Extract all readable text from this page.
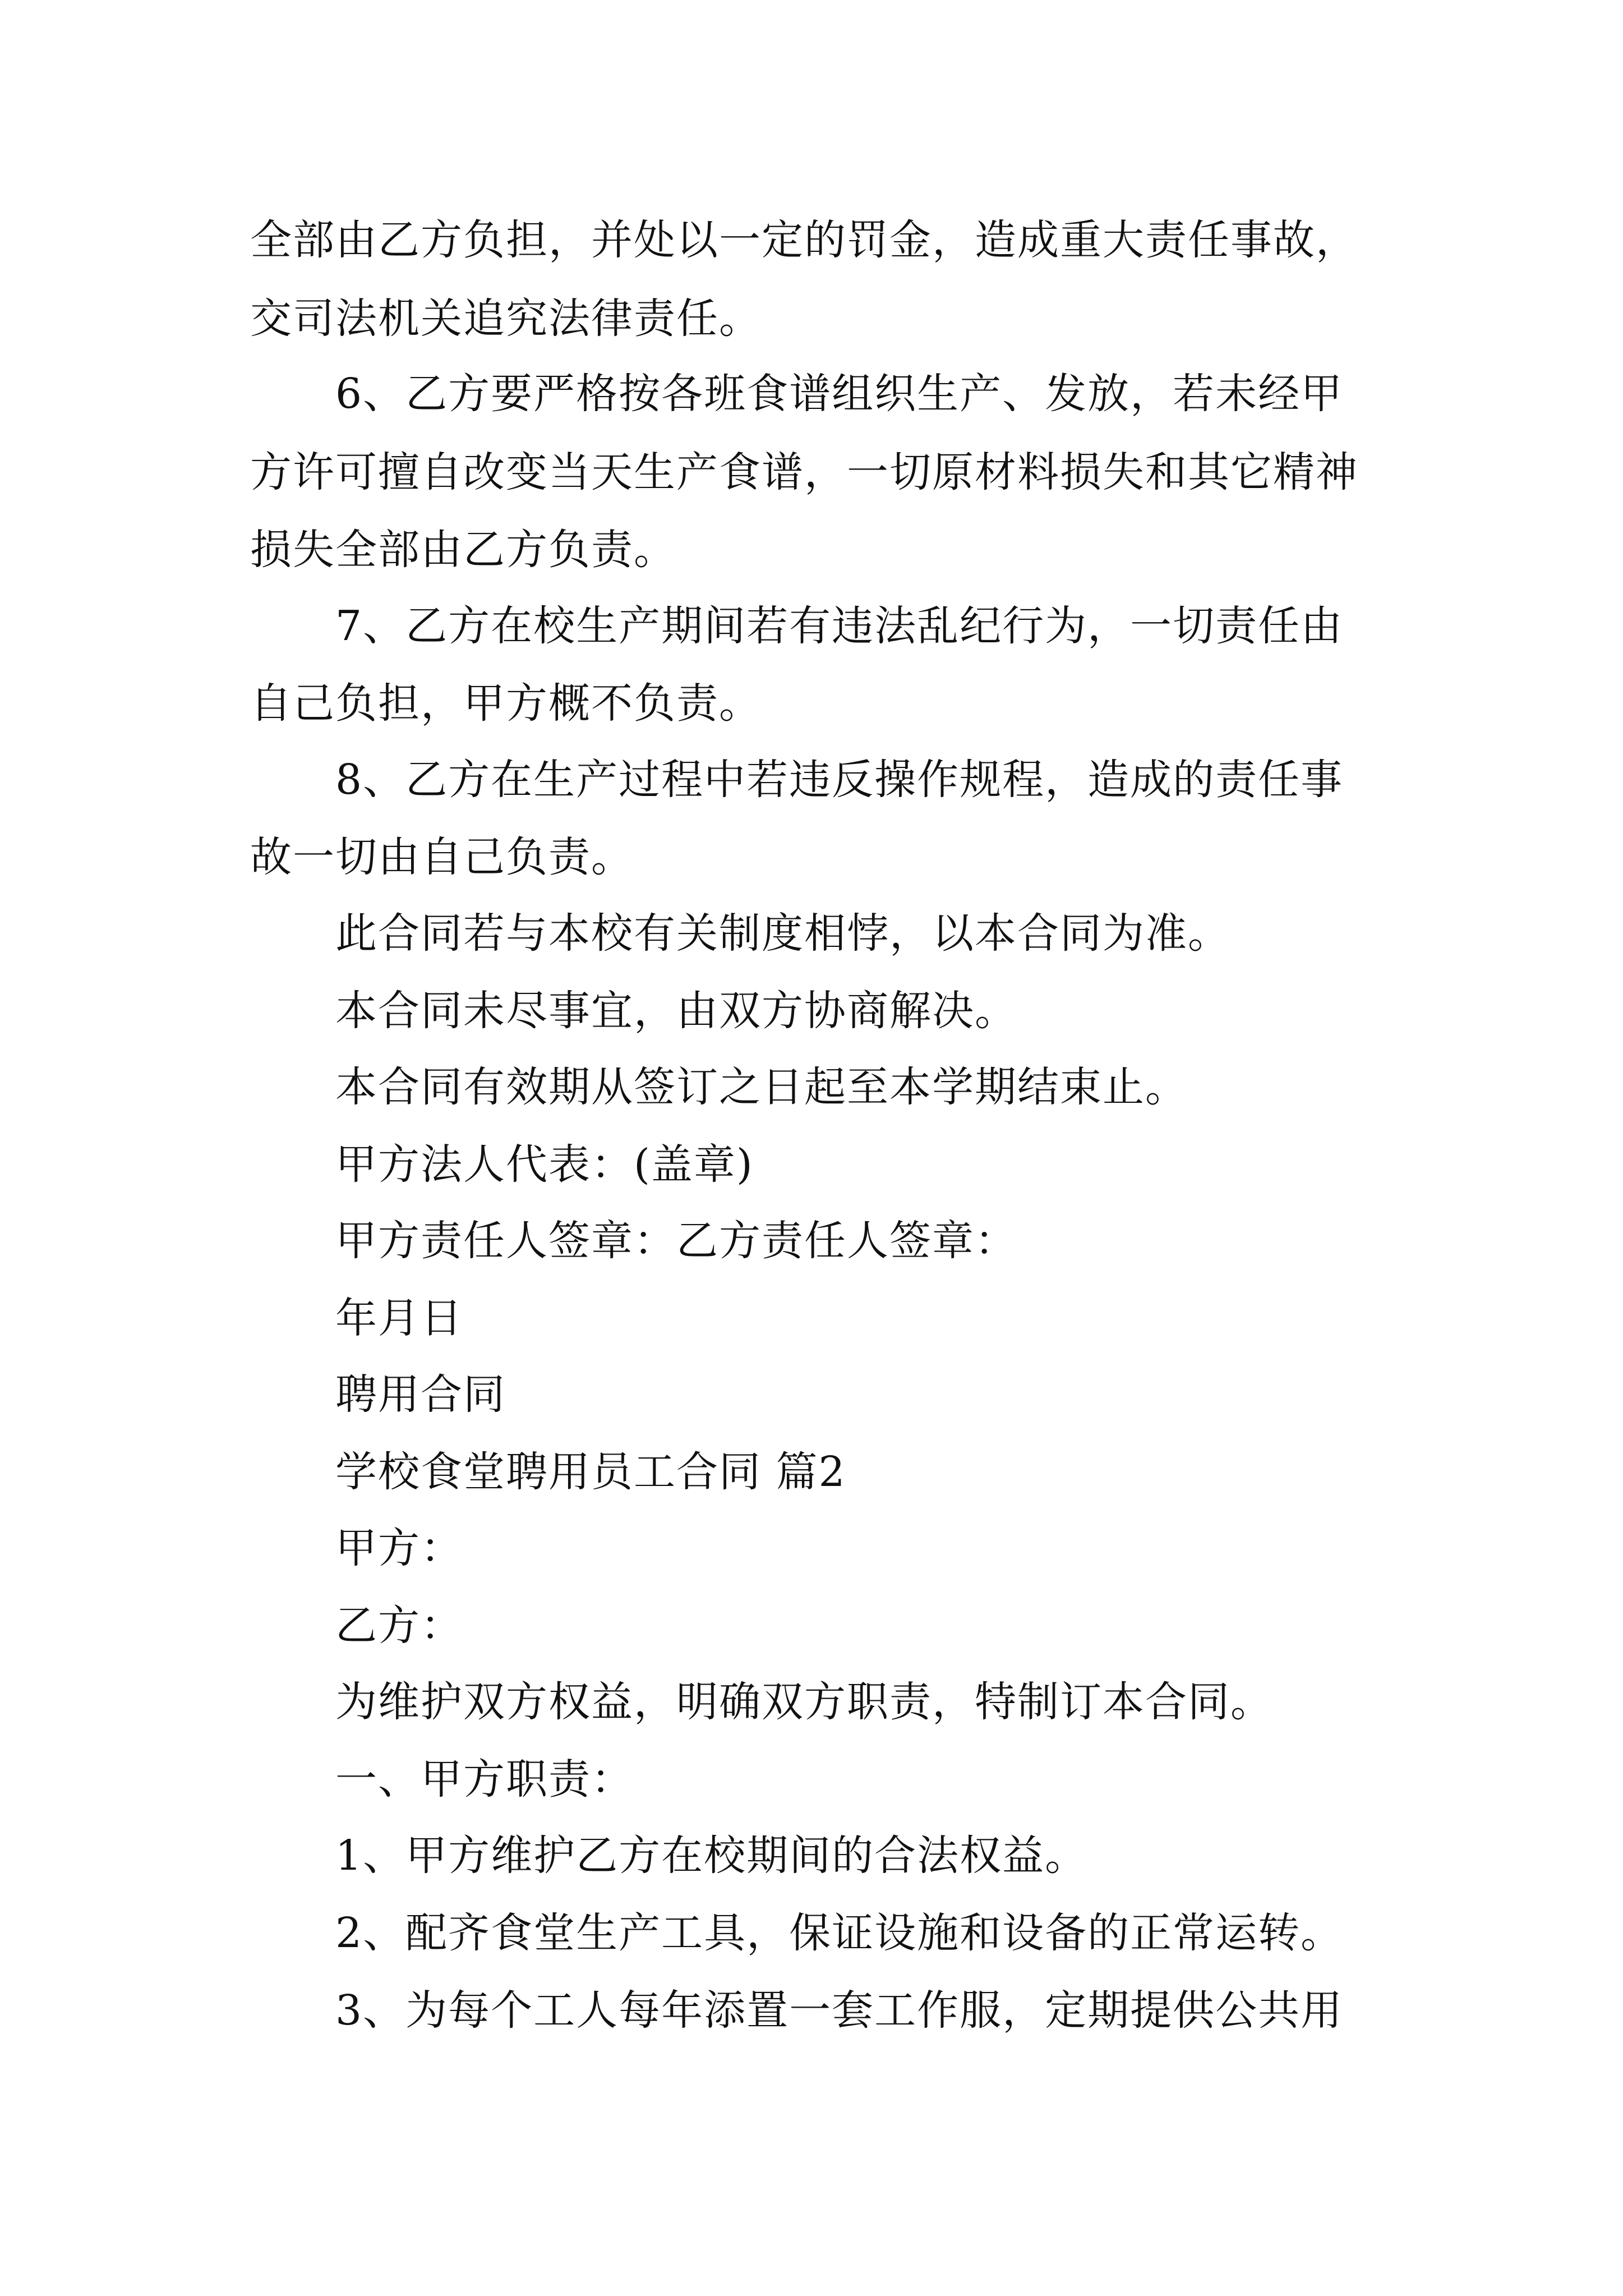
全部由乙方负担，并处以一定的罚金，造成重大责任事故，
交司法机关追究法律责任。
6、乙方要严格按各班食谱组织生产、发放，若未经甲
方许可擅自改变当天生产食谱，一切原材料损失和其它精神
损失全部由乙方负责。
7、乙方在校生产期间若有违法乱纪行为，一切责任由
自己负担，甲方概不负责。
8、乙方在生产过程中若违反操作规程，造成的责任事
故一切由自己负责。
此合同若与本校有关制度相悖，以本合同为准。
本合同未尽事宜，由双方协商解决。
本合同有效期从签订之日起至本学期结束止。
甲方法人代表：(盖章)
甲方责任人签章：乙方责任人签章：
年月日
聘用合同
学校食堂聘用员工合同 篇2
甲方：
乙方：
为维护双方权益，明确双方职责，特制订本合同。
一、甲方职责：
1、甲方维护乙方在校期间的合法权益。
2、配齐食堂生产工具，保证设施和设备的正常运转。
3、为每个工人每年添置一套工作服，定期提供公共用
